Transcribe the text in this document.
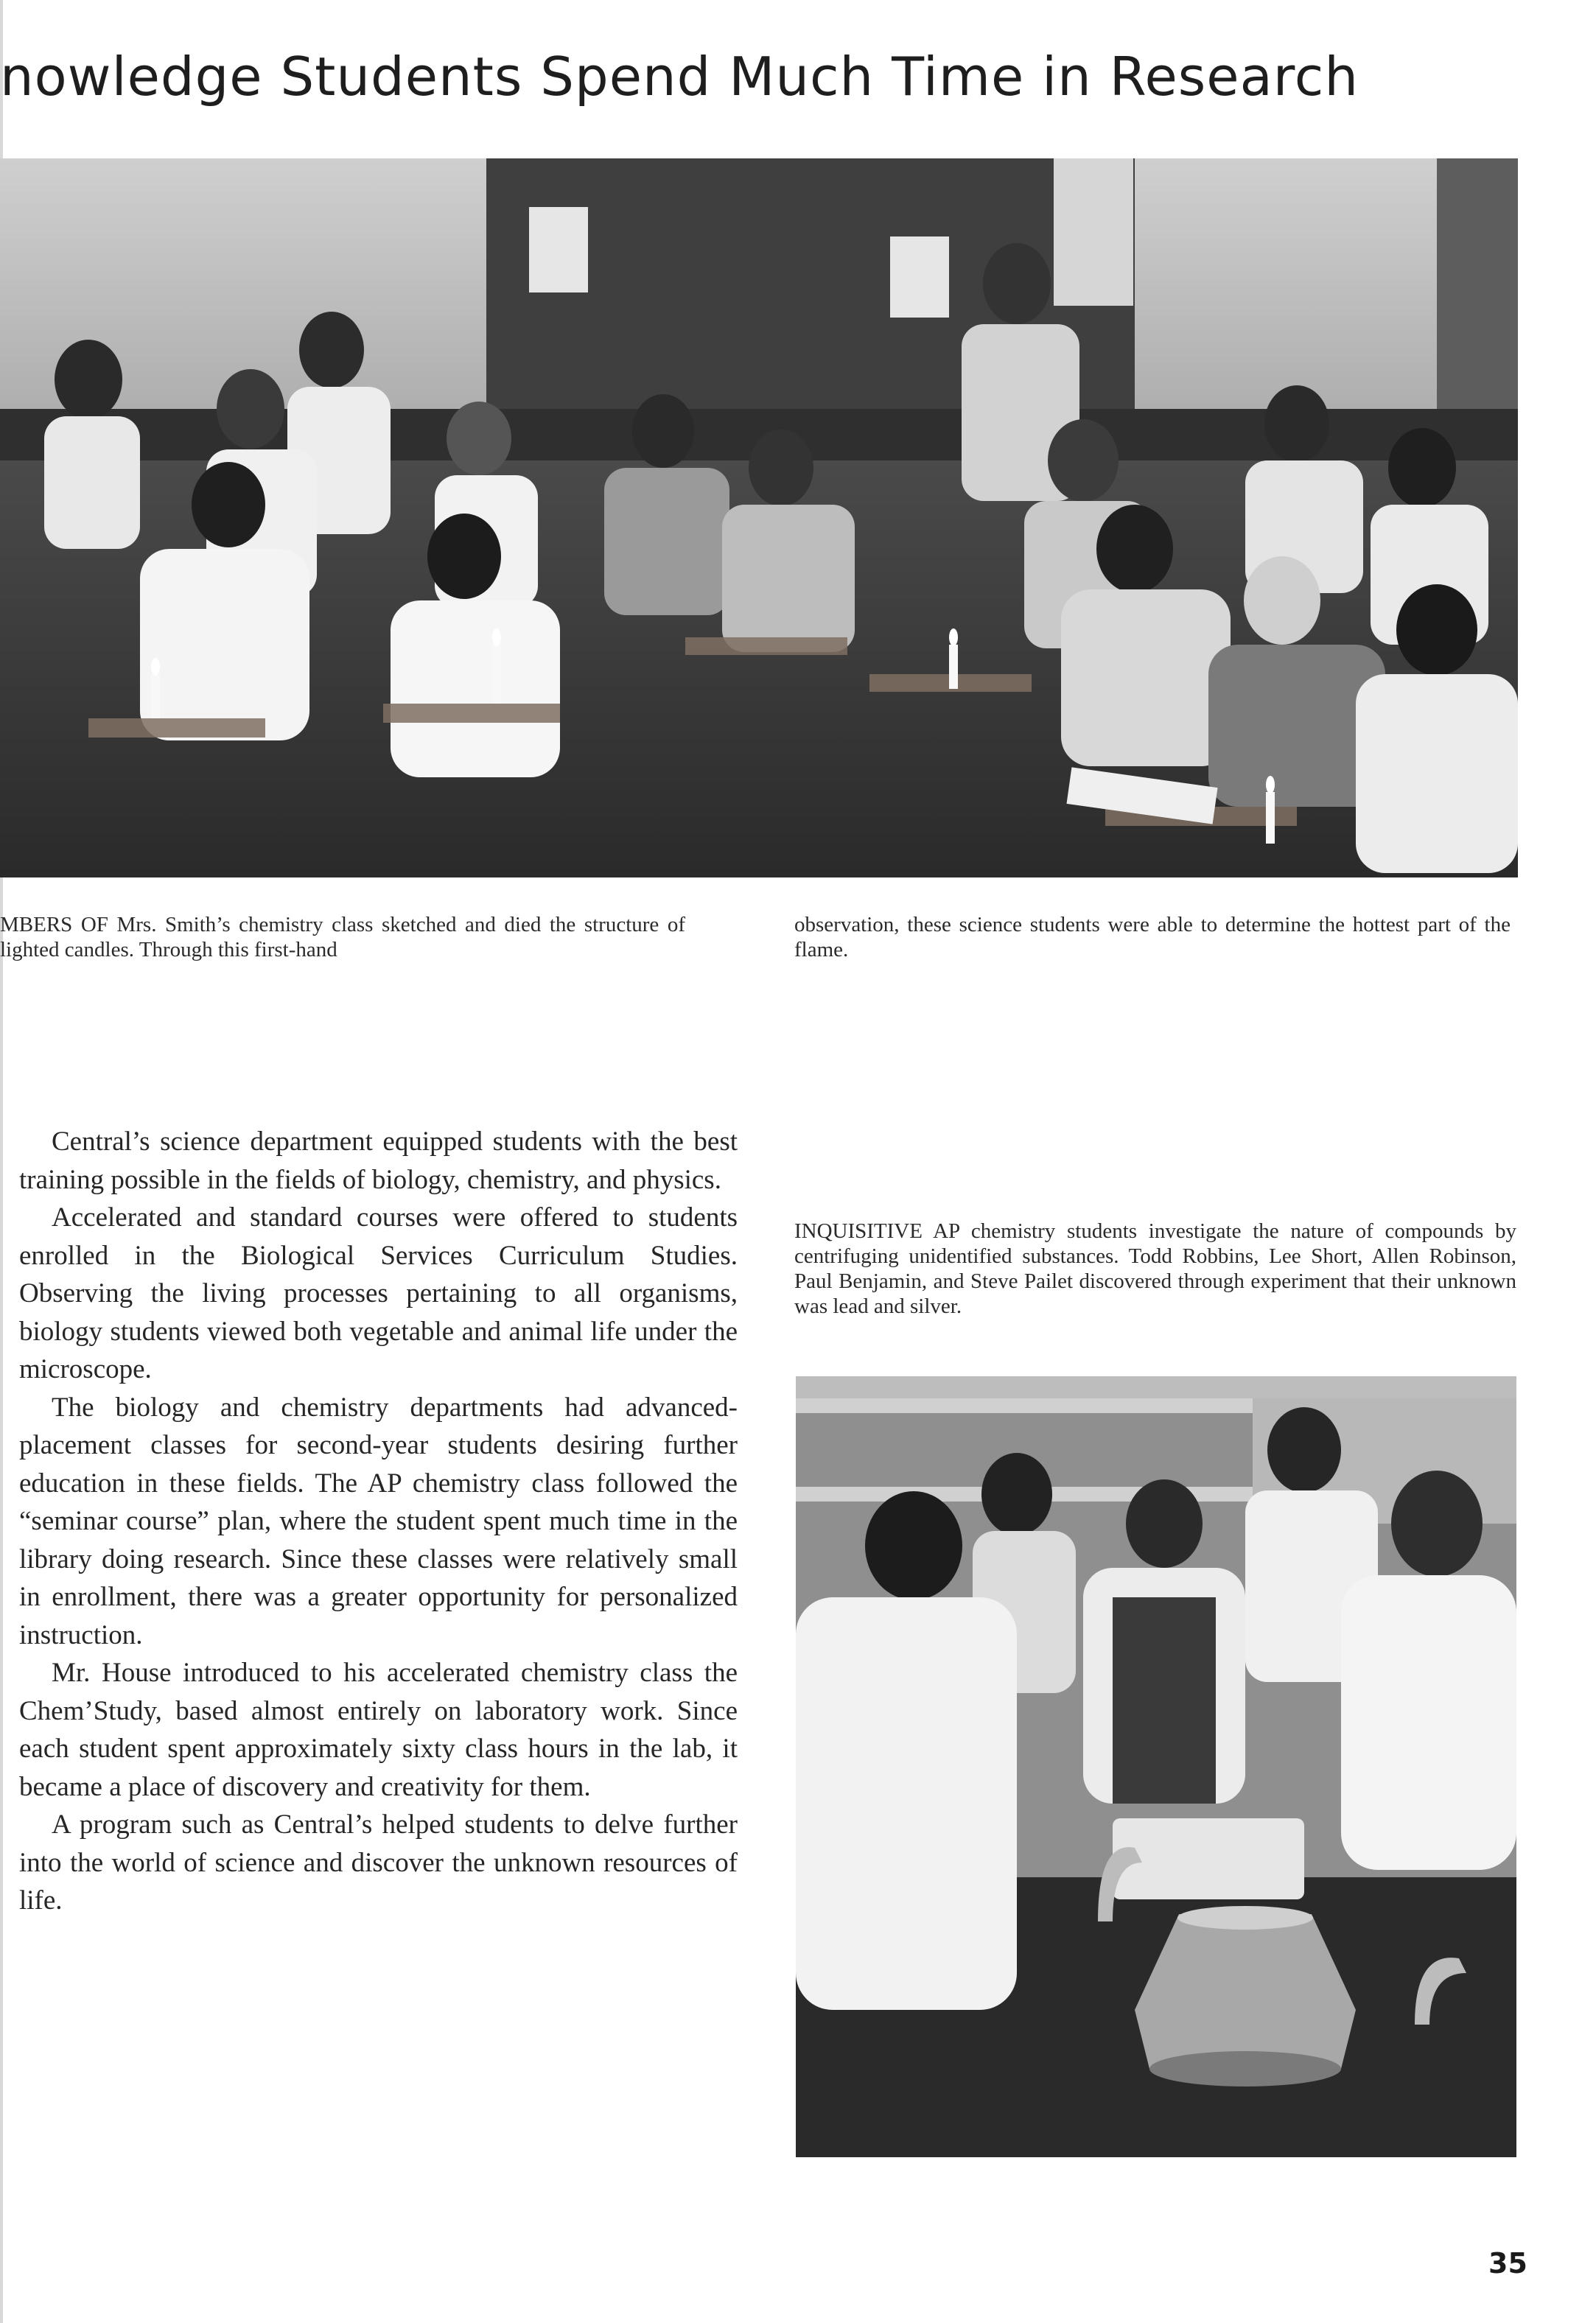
nowledge Students Spend Much Time in Research
MBERS OF Mrs. Smith’s chemistry class sketched and died the structure of lighted candles. Through this first-hand
observation, these science students were able to determine the hottest part of the flame.

Central’s science department equipped students with the best training possible in the fields of biology, chemistry, and physics.

Accelerated and standard courses were offered to students enrolled in the Biological Services Curriculum Studies. Observing the living processes pertaining to all organisms, biology students viewed both vegetable and animal life under the microscope.

The biology and chemistry departments had advanced-placement classes for second-year students desiring further education in these fields. The AP chemistry class followed the “seminar course” plan, where the student spent much time in the library doing research. Since these classes were relatively small in enrollment, there was a greater opportunity for personalized instruction.

Mr. House introduced to his accelerated chemistry class the Chem’Study, based almost entirely on laboratory work. Since each student spent approximately sixty class hours in the lab, it became a place of discovery and creativity for them.

A program such as Central’s helped students to delve further into the world of science and discover the unknown resources of life.

INQUISITIVE AP chemistry students investigate the nature of compounds by centrifuging unidentified substances. Todd Robbins, Lee Short, Allen Robinson, Paul Benjamin, and Steve Pailet discovered through experiment that their unknown was lead and silver.
35
